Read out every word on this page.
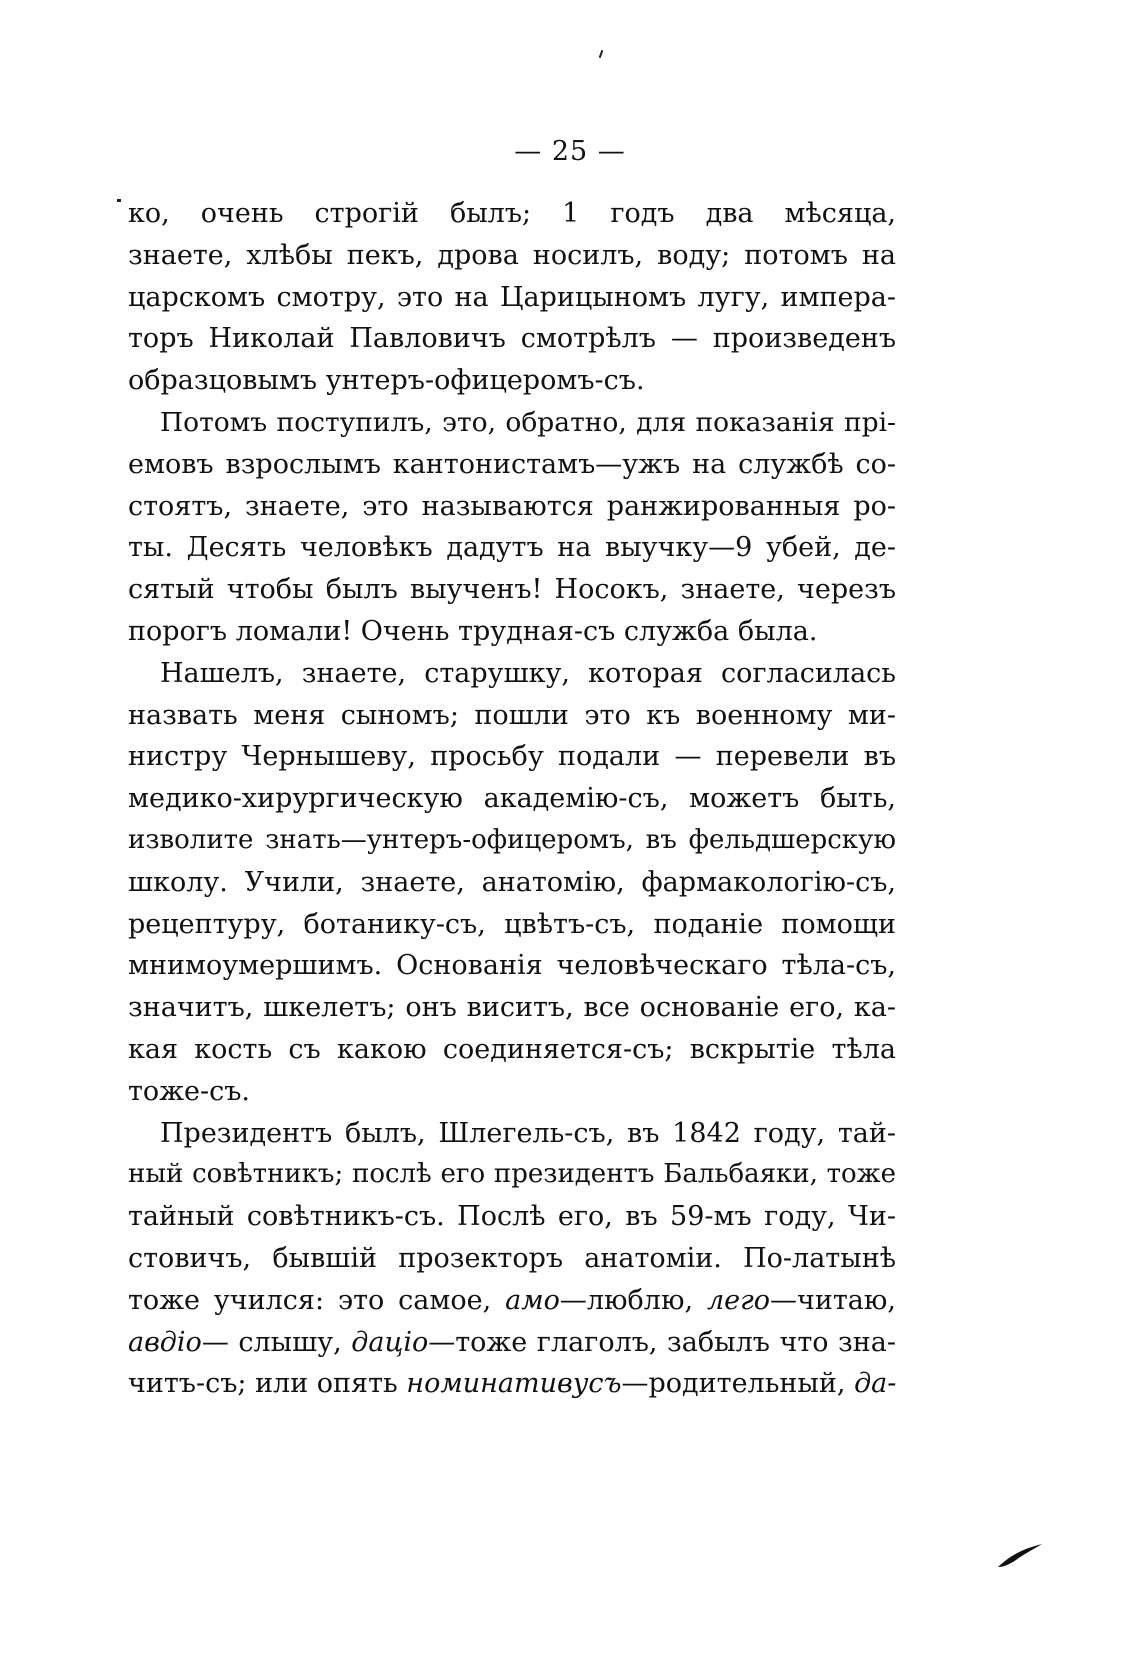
— 25 —
ко, очень строгій былъ; 1 годъ два мѣсяца,
знаете, хлѣбы пекъ, дрова носилъ, воду; потомъ на
царскомъ смотру, это на Царицыномъ лугу, импера-
торъ Николай Павловичъ смотрѣлъ — произведенъ
образцовымъ унтеръ-офицеромъ-съ.
Потомъ поступилъ, это, обратно, для показанія прі-
емовъ взрослымъ кантонистамъ—ужъ на службѣ со-
стоятъ, знаете, это называются ранжированныя ро-
ты. Десять человѣкъ дадутъ на выучку—9 убей, де-
сятый чтобы былъ выученъ! Носокъ, знаете, черезъ
порогъ ломали! Очень трудная-съ служба была.
Нашелъ, знаете, старушку, которая согласилась
назвать меня сыномъ; пошли это къ военному ми-
нистру Чернышеву, просьбу подали — перевели въ
медико-хирургическую академію-съ, можетъ быть,
изволите знать—унтеръ-офицеромъ, въ фельдшерскую
школу. Учили, знаете, анатомію, фармакологію-съ,
рецептуру, ботанику-съ, цвѣтъ-съ, поданіе помощи
мнимоумершимъ. Основанія человѣческаго тѣла-съ,
значитъ, шкелетъ; онъ виситъ, все основаніе его, ка-
кая кость съ какою соединяется-съ; вскрытіе тѣла
тоже-съ.
Президентъ былъ, Шлегель-съ, въ 1842 году, тай-
ный совѣтникъ; послѣ его президентъ Бальбаяки, тоже
тайный совѣтникъ-съ. Послѣ его, въ 59-мъ году, Чи-
стовичъ, бывшій прозекторъ анатоміи. По-латынѣ
тоже учился: это самое, амо—люблю, лего—читаю,
авдіо— слышу, даціо—тоже глаголъ, забылъ что зна-
читъ-съ; или опять номинативусъ—родительный, да-
